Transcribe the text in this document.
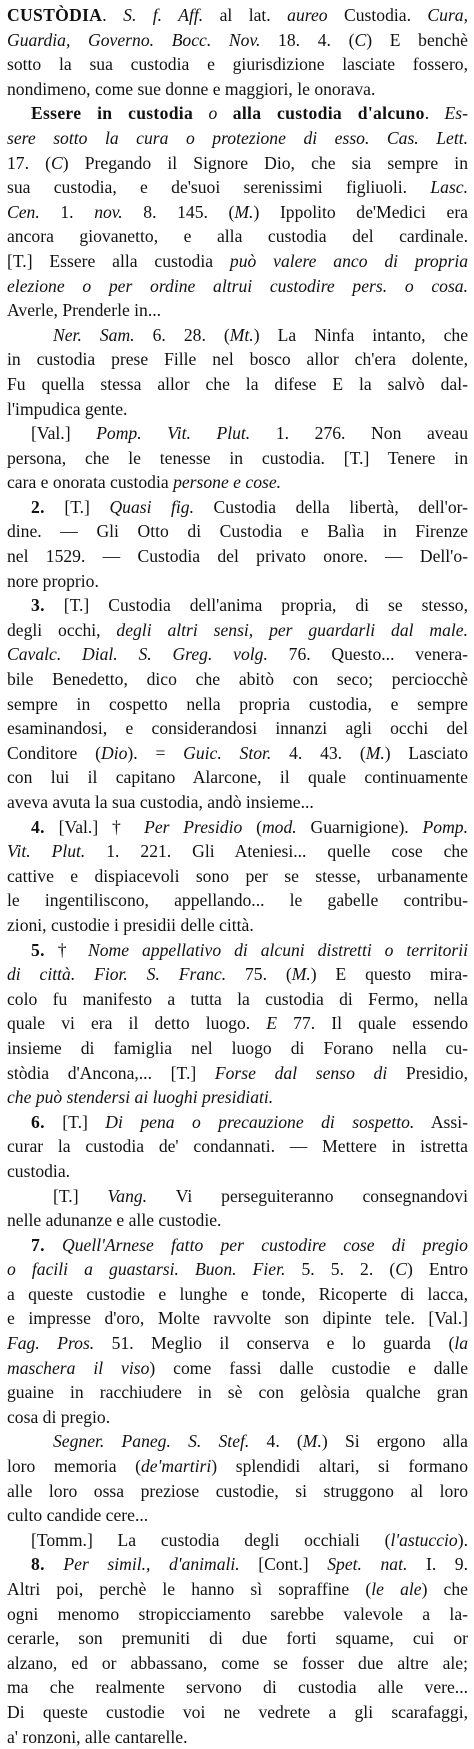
CUSTÒDIA. S. f. Aff. al lat. aureo Custodia. Cura,
Guardia, Governo. Bocc. Nov. 18. 4. (C) E benchè
sotto la sua custodia e giurisdizione lasciate fossero,
nondimeno, come sue donne e maggiori, le onorava.
Essere in custodia o alla custodia d'alcuno. Es-
sere sotto la cura o protezione di esso. Cas. Lett.
17. (C) Pregando il Signore Dio, che sia sempre in
sua custodia, e de'suoi serenissimi figliuoli. Lasc.
Cen. 1. nov. 8. 145. (M.) Ippolito de'Medici era
ancora giovanetto, e alla custodia del cardinale.
[T.] Essere alla custodia può valere anco di propria
elezione o per ordine altrui custodire pers. o cosa.
Averle, Prenderle in...
Ner. Sam. 6. 28. (Mt.) La Ninfa intanto, che
in custodia prese Fille nel bosco allor ch'era dolente,
Fu quella stessa allor che la difese E la salvò dal-
l'impudica gente.
[Val.] Pomp. Vit. Plut. 1. 276. Non aveau
persona, che le tenesse in custodia. [T.] Tenere in
cara e onorata custodia persone e cose.
2. [T.] Quasi fig. Custodia della libertà, dell'or-
dine. — Gli Otto di Custodia e Balìa in Firenze
nel 1529. — Custodia del privato onore. — Dell'o-
nore proprio.
3. [T.] Custodia dell'anima propria, di se stesso,
degli occhi, degli altri sensi, per guardarli dal male.
Cavalc. Dial. S. Greg. volg. 76. Questo... venera-
bile Benedetto, dico che abitò con seco; perciocchè
sempre in cospetto nella propria custodia, e sempre
esaminandosi, e considerandosi innanzi agli occhi del
Conditore (Dio). = Guic. Stor. 4. 43. (M.) Lasciato
con lui il capitano Alarcone, il quale continuamente
aveva avuta la sua custodia, andò insieme...
4. [Val.] † Per Presidio (mod. Guarnigione). Pomp.
Vit. Plut. 1. 221. Gli Ateniesi... quelle cose che
cattive e dispiacevoli sono per se stesse, urbanamente
le ingentiliscono, appellando... le gabelle contribu-
zioni, custodie i presidii delle città.
5. † Nome appellativo di alcuni distretti o territorii
di città. Fior. S. Franc. 75. (M.) E questo mira-
colo fu manifesto a tutta la custodia di Fermo, nella
quale vi era il detto luogo. E 77. Il quale essendo
insieme di famiglia nel luogo di Forano nella cu-
stòdia d'Ancona,... [T.] Forse dal senso di Presidio,
che può stendersi ai luoghi presidiati.
6. [T.] Di pena o precauzione di sospetto. Assi-
curar la custodia de' condannati. — Mettere in istretta
custodia.
[T.] Vang. Vi perseguiteranno consegnandovi
nelle adunanze e alle custodie.
7. Quell'Arnese fatto per custodire cose di pregio
o facili a guastarsi. Buon. Fier. 5. 5. 2. (C) Entro
a queste custodie e lunghe e tonde, Ricoperte di lacca,
e impresse d'oro, Molte ravvolte son dipinte tele. [Val.]
Fag. Pros. 51. Meglio il conserva e lo guarda (la
maschera il viso) come fassi dalle custodie e dalle
guaine in racchiudere in sè con gelòsia qualche gran
cosa di pregio.
Segner. Paneg. S. Stef. 4. (M.) Si ergono alla
loro memoria (de'martiri) splendidi altari, si formano
alle loro ossa preziose custodie, si struggono al loro
culto candide cere...
[Tomm.] La custodia degli occhiali (l'astuccio).
8. Per simil., d'animali. [Cont.] Spet. nat. I. 9.
Altri poi, perchè le hanno sì sopraffine (le ale) che
ogni menomo stropicciamento sarebbe valevole a la-
cerarle, son premuniti di due forti squame, cui or
alzano, ed or abbassano, come se fosser due altre ale;
ma che realmente servono di custodia alle vere...
Di queste custodie voi ne vedrete a gli scarafaggi,
a' ronzoni, alle cantarelle.
